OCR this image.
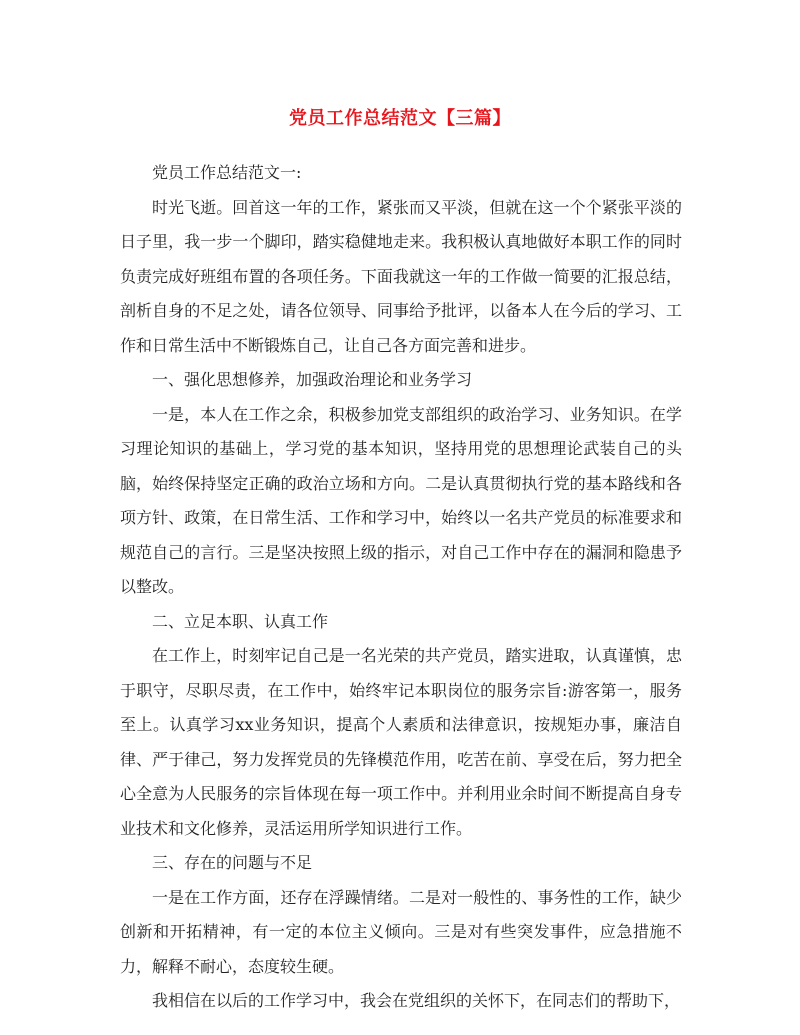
党员工作总结范文【三篇】

党员工作总结范文一:

时光飞逝。回首这一年的工作，紧张而又平淡，但就在这一个个紧张平淡的日子里，我一步一个脚印，踏实稳健地走来。我积极认真地做好本职工作的同时负责完成好班组布置的各项任务。下面我就这一年的工作做一简要的汇报总结，剖析自身的不足之处，请各位领导、同事给予批评，以备本人在今后的学习、工作和日常生活中不断锻炼自己，让自己各方面完善和进步。

一、强化思想修养，加强政治理论和业务学习

一是，本人在工作之余，积极参加党支部组织的政治学习、业务知识。在学习理论知识的基础上，学习党的基本知识，坚持用党的思想理论武装自己的头脑，始终保持坚定正确的政治立场和方向。二是认真贯彻执行党的基本路线和各项方针、政策，在日常生活、工作和学习中，始终以一名共产党员的标准要求和规范自己的言行。三是坚决按照上级的指示，对自己工作中存在的漏洞和隐患予以整改。

二、立足本职、认真工作

在工作上，时刻牢记自己是一名光荣的共产党员，踏实进取，认真谨慎，忠于职守，尽职尽责，在工作中，始终牢记本职岗位的服务宗旨:游客第一，服务至上。认真学习xx业务知识，提高个人素质和法律意识，按规矩办事，廉洁自律、严于律己，努力发挥党员的先锋模范作用，吃苦在前、享受在后，努力把全心全意为人民服务的宗旨体现在每一项工作中。并利用业余时间不断提高自身专业技术和文化修养，灵活运用所学知识进行工作。

三、存在的问题与不足

一是在工作方面，还存在浮躁情绪。二是对一般性的、事务性的工作，缺少创新和开拓精神，有一定的本位主义倾向。三是对有些突发事件，应急措施不力，解释不耐心，态度较生硬。

我相信在以后的工作学习中，我会在党组织的关怀下，在同志们的帮助下，
